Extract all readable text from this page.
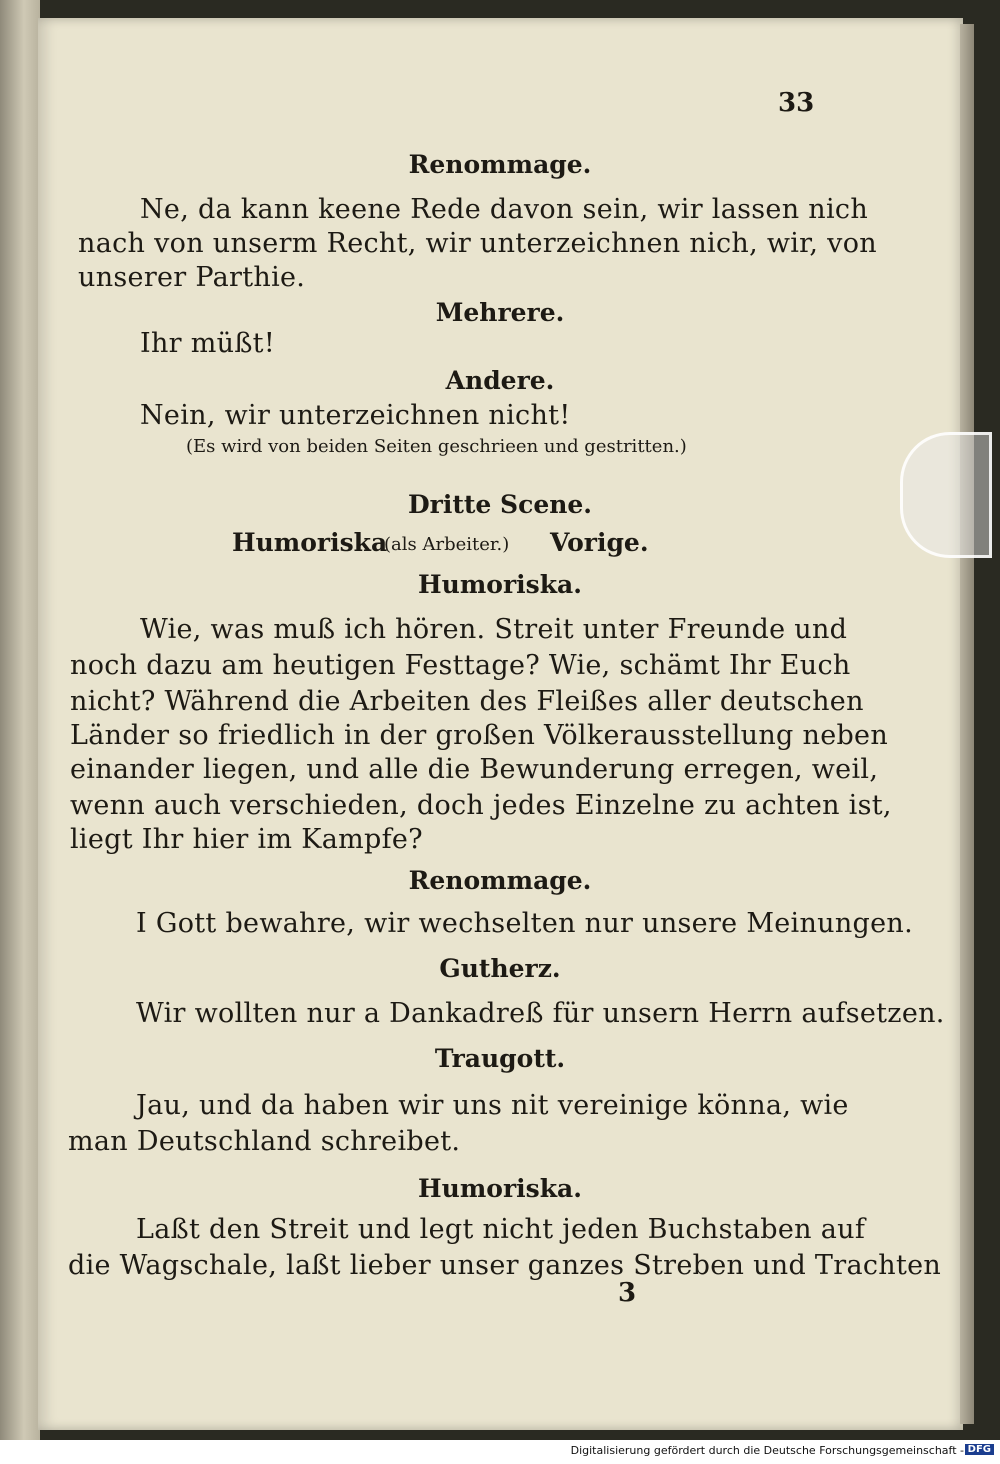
33
Renommage.
Ne, da kann keene Rede davon sein, wir lassen nich
nach von unserm Recht, wir unterzeichnen nich, wir, von
unserer Parthie.
Mehrere.
Ihr müßt!
Andere.
Nein, wir unterzeichnen nicht!
(Es wird von beiden Seiten geschrieen und gestritten.)
Dritte Scene.
Humoriska
(als Arbeiter.) Vorige.
Humoriska.
Wie, was muß ich hören. Streit unter Freunde und
noch dazu am heutigen Festtage? Wie, schämt Ihr Euch
nicht? Während die Arbeiten des Fleißes aller deutschen
Länder so friedlich in der großen Völkerausstellung neben
einander liegen, und alle die Bewunderung erregen, weil,
wenn auch verschieden, doch jedes Einzelne zu achten ist,
liegt Ihr hier im Kampfe?
Renommage.
I Gott bewahre, wir wechselten nur unsere Meinungen.
Gutherz.
Wir wollten nur a Dankadreß für unsern Herrn aufsetzen.
Traugott.
Jau, und da haben wir uns nit vereinige könna, wie
man Deutschland schreibet.
Humoriska.
Laßt den Streit und legt nicht jeden Buchstaben auf
die Wagschale, laßt lieber unser ganzes Streben und Trachten
3
Digitalisierung gefördert durch die Deutsche Forschungsgemeinschaft - DFG
